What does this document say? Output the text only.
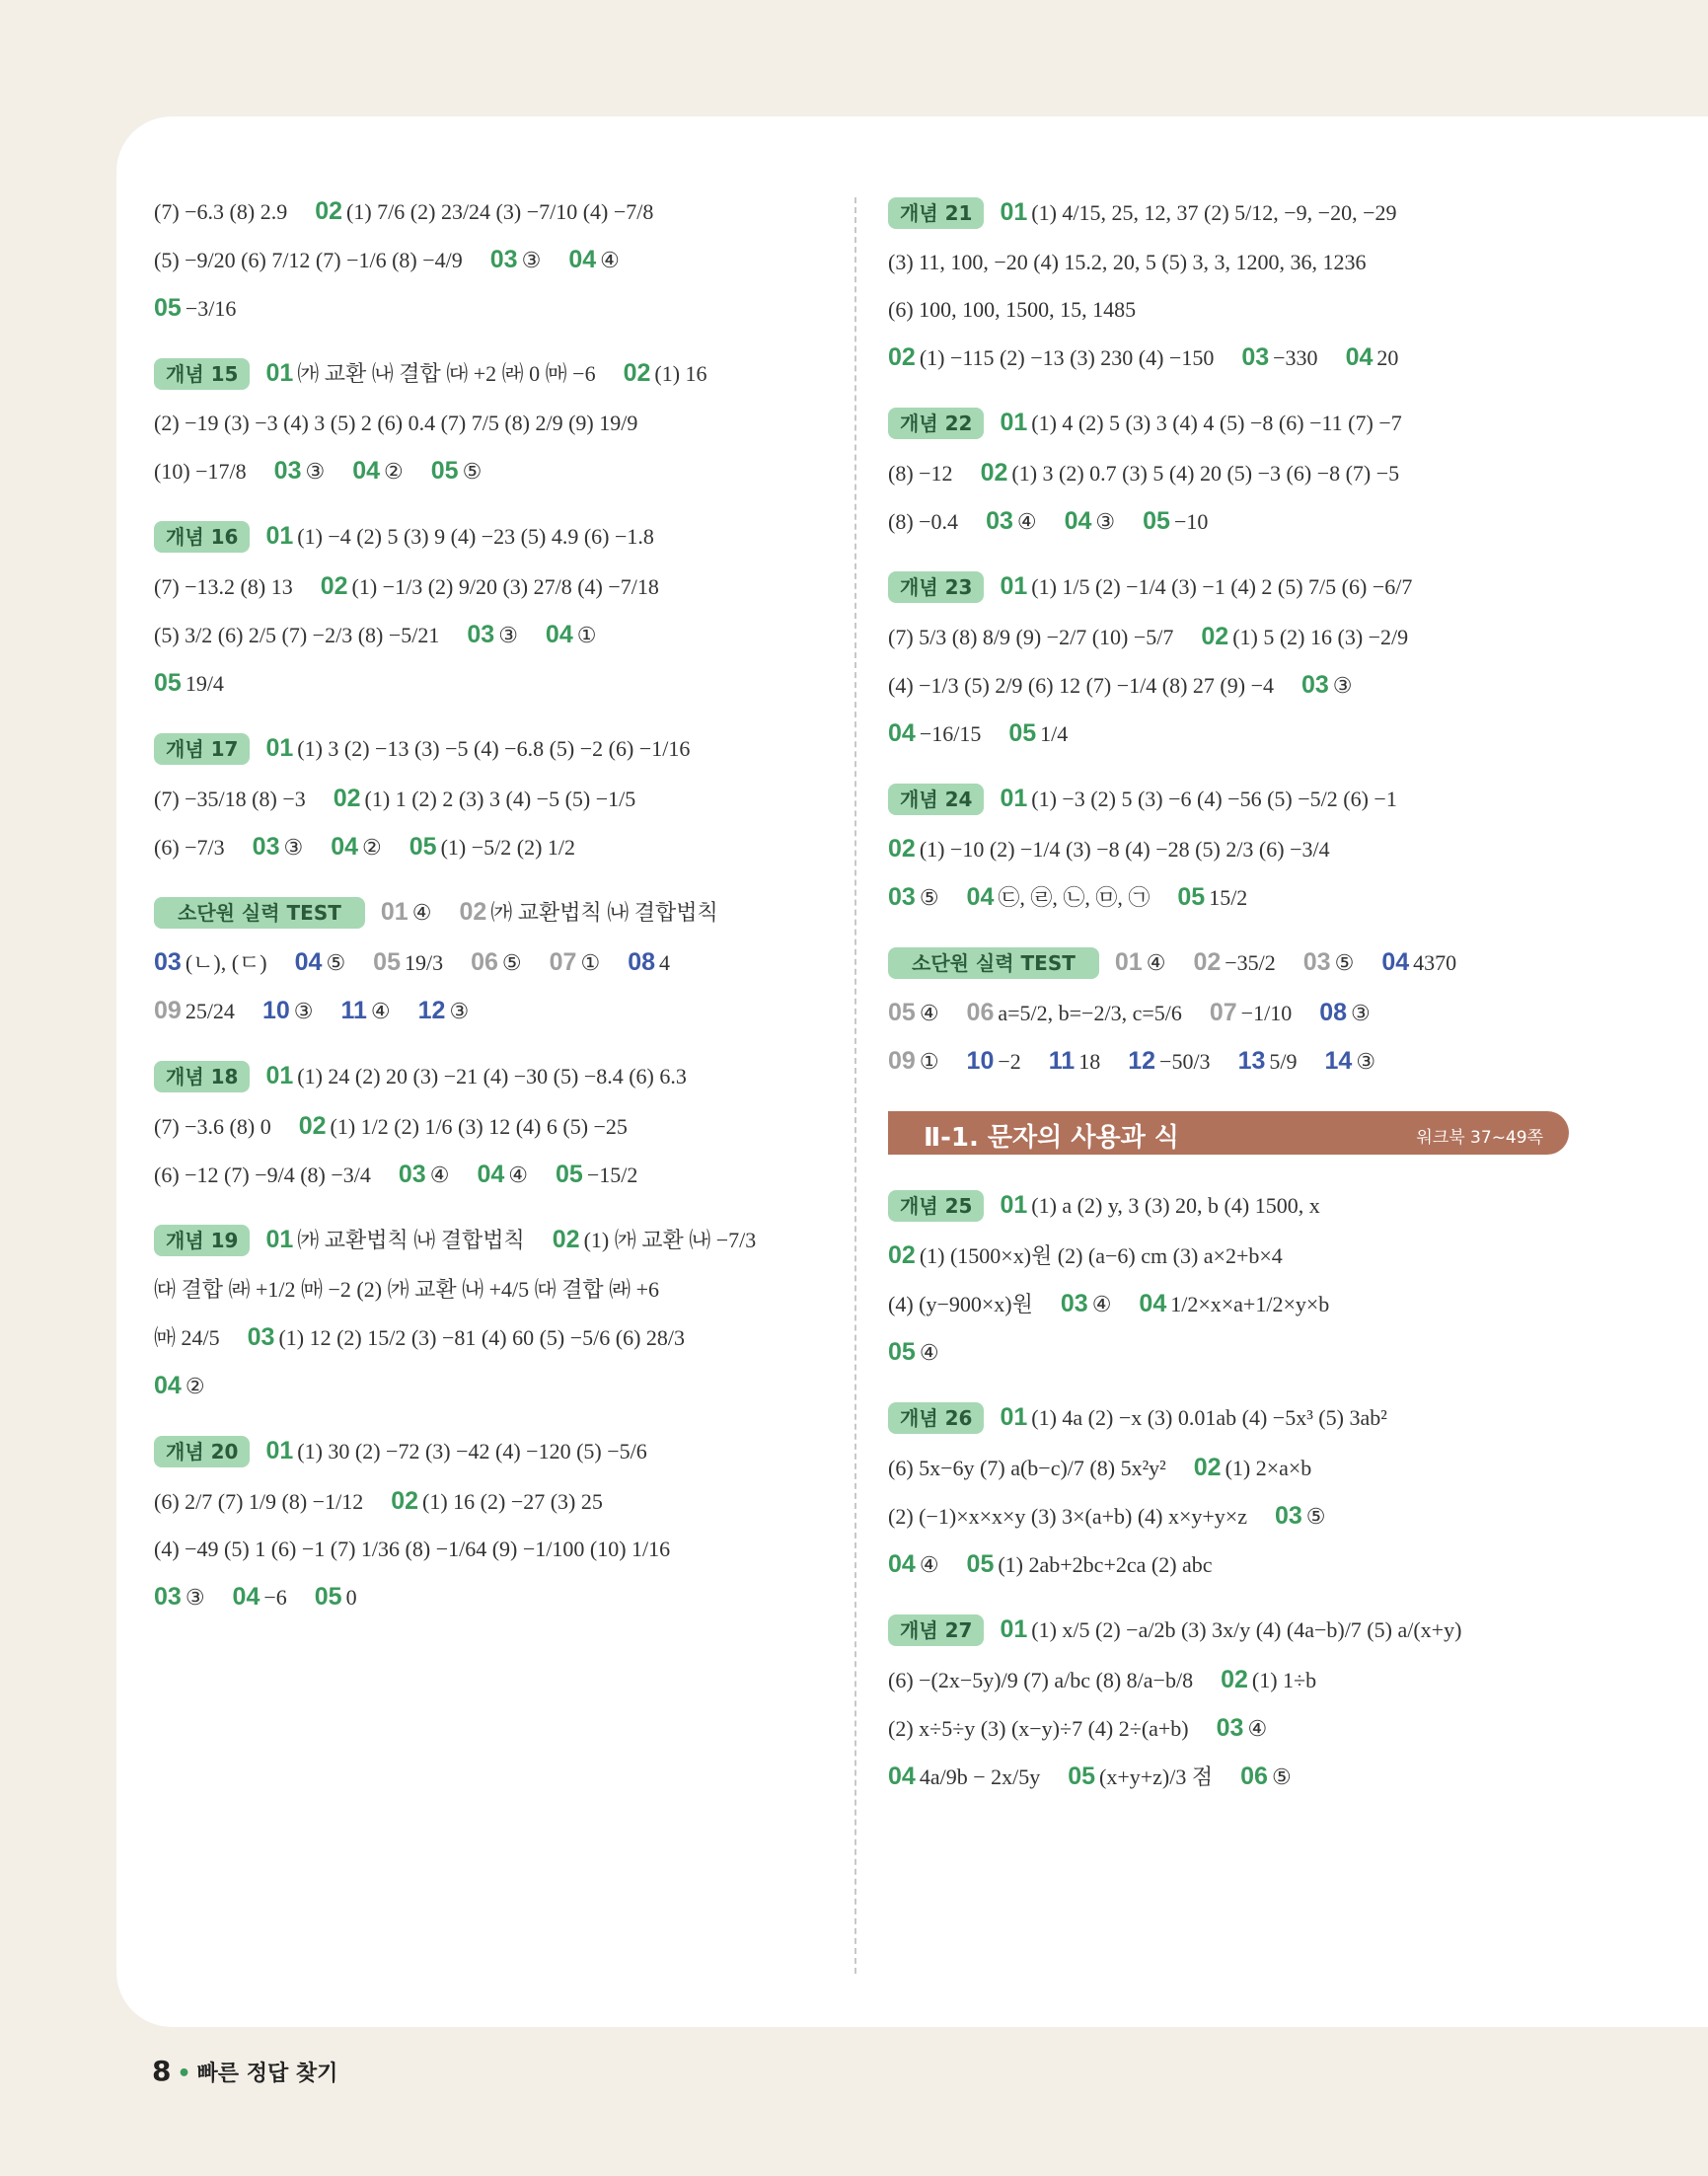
(7) −6.3 (8) 2.9 02 (1) 7/6 (2) 23/24 (3) −7/10 (4) −7/8
(5) −9/20 (6) 7/12 (7) −1/6 (8) −4/9 03 ③ 04 ④
05 −3/16
개념 15 01 ㈎ 교환 ㈏ 결합 ㈐ +2 ㈑ 0 ㈒ −6 02 (1) 16
(2) −19 (3) −3 (4) 3 (5) 2 (6) 0.4 (7) 7/5 (8) 2/9 (9) 19/9
(10) −17/8 03 ③ 04 ② 05 ⑤
개념 16 01 (1) −4 (2) 5 (3) 9 (4) −23 (5) 4.9 (6) −1.8
(7) −13.2 (8) 13 02 (1) −1/3 (2) 9/20 (3) 27/8 (4) −7/18
(5) 3/2 (6) 2/5 (7) −2/3 (8) −5/21 03 ③ 04 ①
05 19/4
개념 17 01 (1) 3 (2) −13 (3) −5 (4) −6.8 (5) −2 (6) −1/16
(7) −35/18 (8) −3 02 (1) 1 (2) 2 (3) 3 (4) −5 (5) −1/5
(6) −7/3 03 ③ 04 ② 05 (1) −5/2 (2) 1/2
소단원 실력 TEST 01 ④ 02 ㈎ 교환법칙 ㈏ 결합법칙
03 (ㄴ), (ㄷ) 04 ⑤ 05 19/3 06 ⑤ 07 ① 08 4
09 25/24 10 ③ 11 ④ 12 ③
개념 18 01 (1) 24 (2) 20 (3) −21 (4) −30 (5) −8.4 (6) 6.3
(7) −3.6 (8) 0 02 (1) 1/2 (2) 1/6 (3) 12 (4) 6 (5) −25
(6) −12 (7) −9/4 (8) −3/4 03 ④ 04 ④ 05 −15/2
개념 19 01 ㈎ 교환법칙 ㈏ 결합법칙 02 (1) ㈎ 교환 ㈏ −7/3
㈐ 결합 ㈑ +1/2 ㈒ −2 (2) ㈎ 교환 ㈏ +4/5 ㈐ 결합 ㈑ +6
㈒ 24/5 03 (1) 12 (2) 15/2 (3) −81 (4) 60 (5) −5/6 (6) 28/3
04 ②
개념 20 01 (1) 30 (2) −72 (3) −42 (4) −120 (5) −5/6
(6) 2/7 (7) 1/9 (8) −1/12 02 (1) 16 (2) −27 (3) 25
(4) −49 (5) 1 (6) −1 (7) 1/36 (8) −1/64 (9) −1/100 (10) 1/16
03 ③ 04 −6 05 0
개념 21 01 (1) 4/15, 25, 12, 37 (2) 5/12, −9, −20, −29
(3) 11, 100, −20 (4) 15.2, 20, 5 (5) 3, 3, 1200, 36, 1236
(6) 100, 100, 1500, 15, 1485
02 (1) −115 (2) −13 (3) 230 (4) −150 03 −330 04 20
개념 22 01 (1) 4 (2) 5 (3) 3 (4) 4 (5) −8 (6) −11 (7) −7
(8) −12 02 (1) 3 (2) 0.7 (3) 5 (4) 20 (5) −3 (6) −8 (7) −5
(8) −0.4 03 ④ 04 ③ 05 −10
개념 23 01 (1) 1/5 (2) −1/4 (3) −1 (4) 2 (5) 7/5 (6) −6/7
(7) 5/3 (8) 8/9 (9) −2/7 (10) −5/7 02 (1) 5 (2) 16 (3) −2/9
(4) −1/3 (5) 2/9 (6) 12 (7) −1/4 (8) 27 (9) −4 03 ③
04 −16/15 05 1/4
개념 24 01 (1) −3 (2) 5 (3) −6 (4) −56 (5) −5/2 (6) −1
02 (1) −10 (2) −1/4 (3) −8 (4) −28 (5) 2/3 (6) −3/4
03 ⑤ 04 ㉢, ㉣, ㉡, ㉤, ㉠ 05 15/2
소단원 실력 TEST 01 ④ 02 −35/2 03 ⑤ 04 4370
05 ④ 06 a=5/2, b=−2/3, c=5/6 07 −1/10 08 ③
09 ① 10 −2 11 18 12 −50/3 13 5/9 14 ③
Ⅱ-1. 문자의 사용과 식	워크북 37~49쪽
개념 25 01 (1) a (2) y, 3 (3) 20, b (4) 1500, x
02 (1) (1500×x)원 (2) (a−6) cm (3) a×2+b×4
(4) (y−900×x)원 03 ④ 04 1/2×x×a+1/2×y×b
05 ④
개념 26 01 (1) 4a (2) −x (3) 0.01ab (4) −5x³ (5) 3ab²
(6) 5x−6y (7) a(b−c)/7 (8) 5x²y² 02 (1) 2×a×b
(2) (−1)×x×x×y (3) 3×(a+b) (4) x×y+y×z 03 ⑤
04 ④ 05 (1) 2ab+2bc+2ca (2) abc
개념 27 01 (1) x/5 (2) −a/2b (3) 3x/y (4) (4a−b)/7 (5) a/(x+y)
(6) −(2x−5y)/9 (7) a/bc (8) 8/a−b/8 02 (1) 1÷b
(2) x÷5÷y (3) (x−y)÷7 (4) 2÷(a+b) 03 ④
04 4a/9b − 2x/5y 05 (x+y+z)/3 점 06 ⑤
8 • 빠른 정답 찾기
